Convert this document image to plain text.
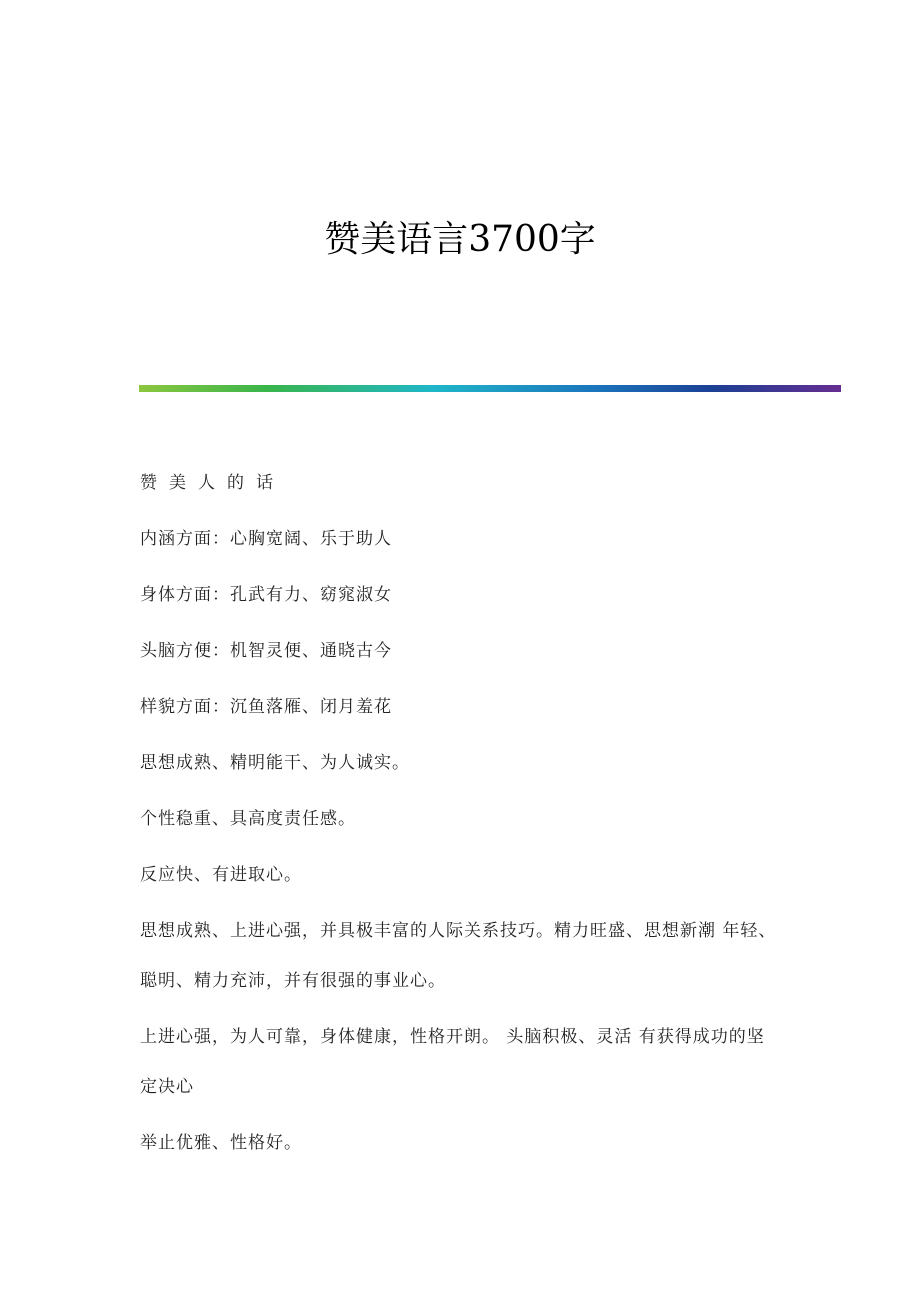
赞美语言3700字

赞美人的话

内涵方面：心胸宽阔、乐于助人

身体方面：孔武有力、窈窕淑女

头脑方便：机智灵便、通晓古今

样貌方面：沉鱼落雁、闭月羞花

思想成熟、精明能干、为人诚实。

个性稳重、具高度责任感。

反应快、有进取心。

思想成熟、上进心强，并具极丰富的人际关系技巧。精力旺盛、思想新潮 年轻、聪明、精力充沛，并有很强的事业心。

上进心强，为人可靠，身体健康，性格开朗。 头脑积极、灵活 有获得成功的坚定决心

举止优雅、性格好。
